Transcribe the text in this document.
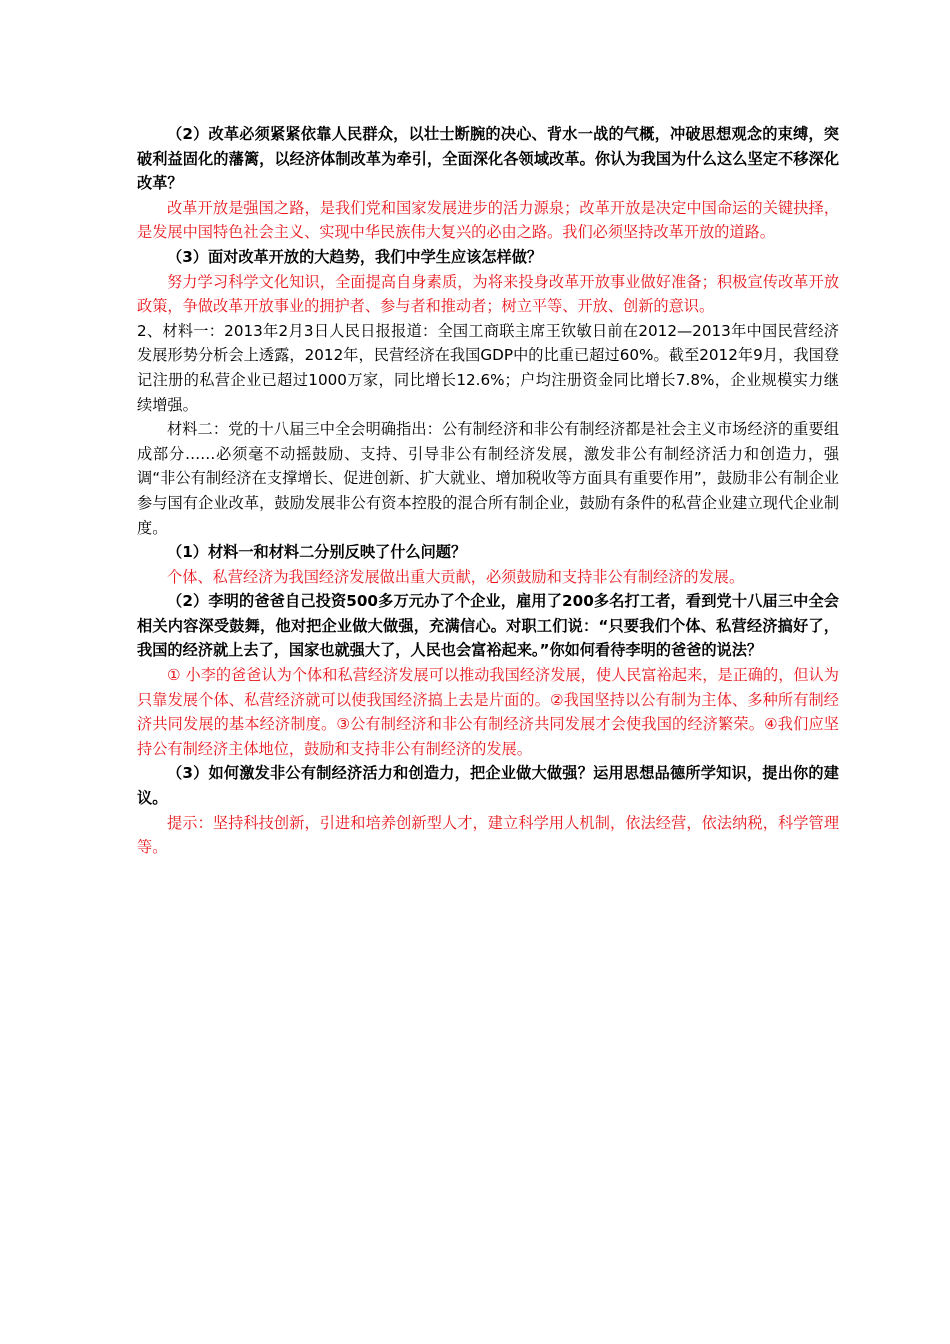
（2）改革必须紧紧依靠人民群众，以壮士断腕的决心、背水一战的气概，冲破思想观念的束缚，突破利益固化的藩篱，以经济体制改革为牵引，全面深化各领域改革。你认为我国为什么这么坚定不移深化改革？

改革开放是强国之路，是我们党和国家发展进步的活力源泉；改革开放是决定中国命运的关键抉择，是发展中国特色社会主义、实现中华民族伟大复兴的必由之路。我们必须坚持改革开放的道路。

（3）面对改革开放的大趋势，我们中学生应该怎样做？

努力学习科学文化知识，全面提高自身素质，为将来投身改革开放事业做好准备；积极宣传改革开放政策，争做改革开放事业的拥护者、参与者和推动者；树立平等、开放、创新的意识。

2、材料一：2013年2月3日人民日报报道：全国工商联主席王钦敏日前在2012—2013年中国民营经济发展形势分析会上透露，2012年，民营经济在我国GDP中的比重已超过60%。截至2012年9月，我国登记注册的私营企业已超过1000万家，同比增长12.6%；户均注册资金同比增长7.8%，企业规模实力继续增强。

材料二：党的十八届三中全会明确指出：公有制经济和非公有制经济都是社会主义市场经济的重要组成部分……必须毫不动摇鼓励、支持、引导非公有制经济发展，激发非公有制经济活力和创造力，强调“非公有制经济在支撑增长、促进创新、扩大就业、增加税收等方面具有重要作用”，鼓励非公有制企业参与国有企业改革，鼓励发展非公有资本控股的混合所有制企业，鼓励有条件的私营企业建立现代企业制度。

（1）材料一和材料二分别反映了什么问题？

个体、私营经济为我国经济发展做出重大贡献，必须鼓励和支持非公有制经济的发展。

（2）李明的爸爸自己投资500多万元办了个企业，雇用了200多名打工者，看到党十八届三中全会相关内容深受鼓舞，他对把企业做大做强，充满信心。对职工们说：“只要我们个体、私营经济搞好了，我国的经济就上去了，国家也就强大了，人民也会富裕起来。”你如何看待李明的爸爸的说法？

① 小李的爸爸认为个体和私营经济发展可以推动我国经济发展，使人民富裕起来，是正确的，但认为只靠发展个体、私营经济就可以使我国经济搞上去是片面的。②我国坚持以公有制为主体、多种所有制经济共同发展的基本经济制度。③公有制经济和非公有制经济共同发展才会使我国的经济繁荣。④我们应坚持公有制经济主体地位，鼓励和支持非公有制经济的发展。

（3）如何激发非公有制经济活力和创造力，把企业做大做强？运用思想品德所学知识，提出你的建议。

提示：坚持科技创新，引进和培养创新型人才，建立科学用人机制，依法经营，依法纳税，科学管理等。
